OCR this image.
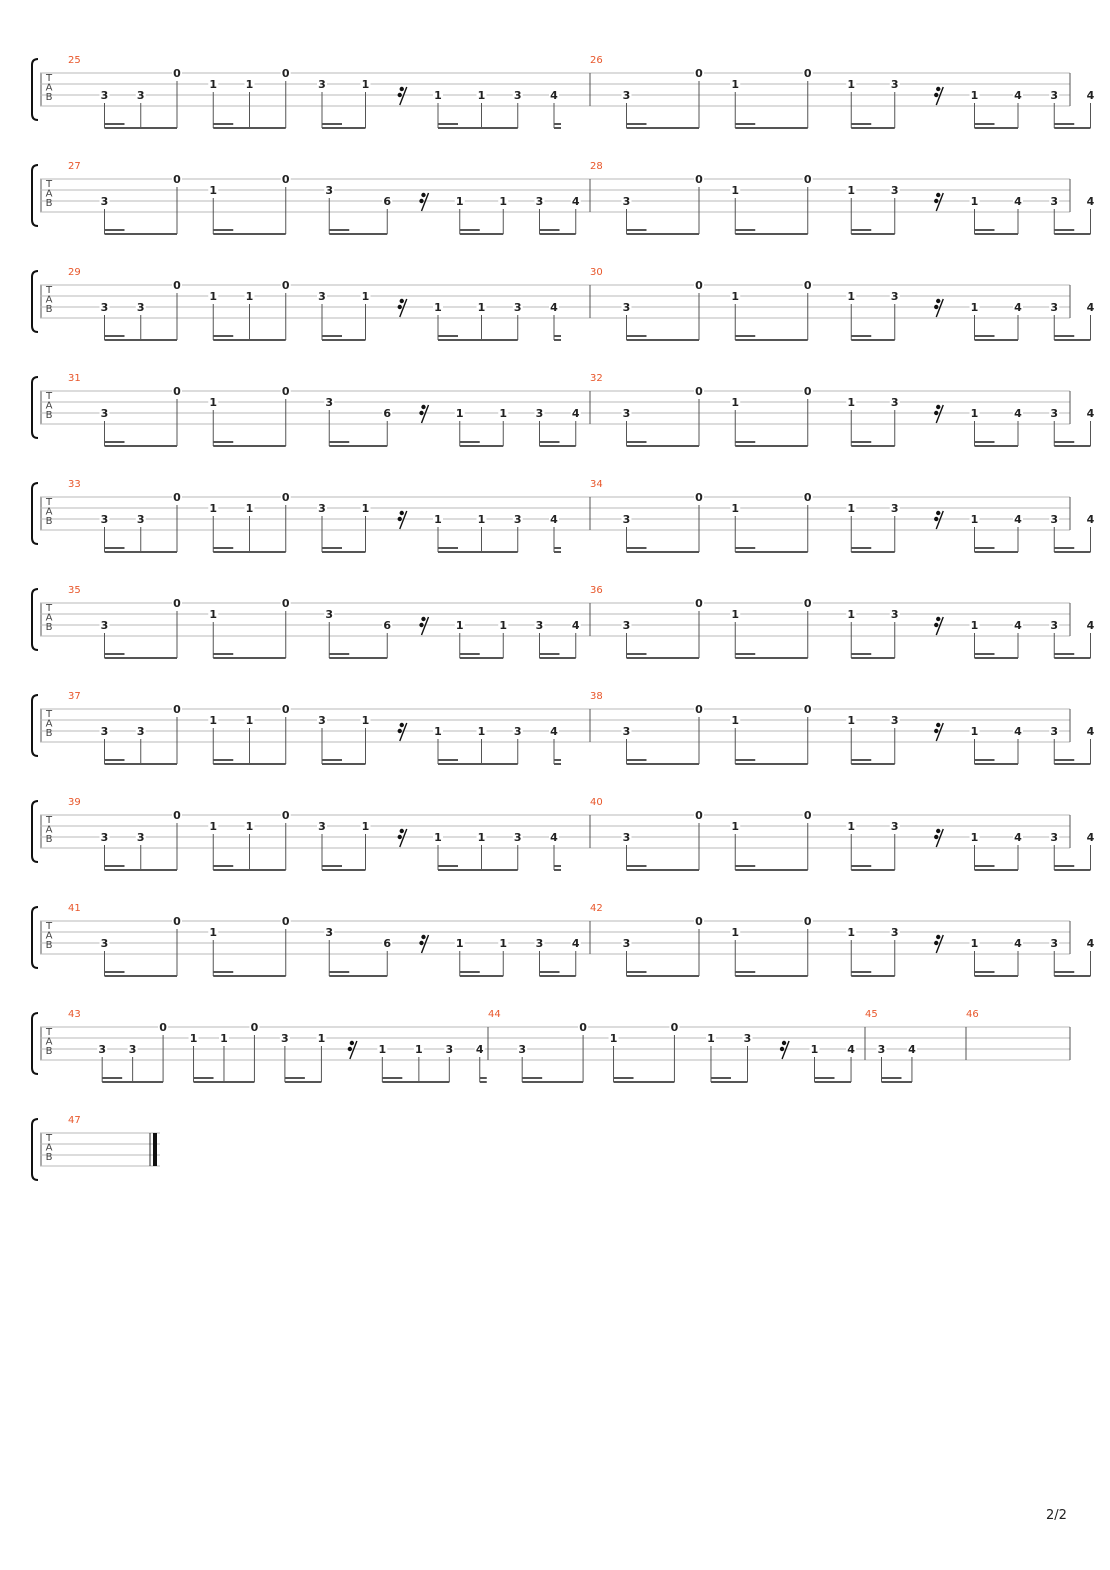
T
A
B
25
3	3
0
1	1
0
3	1
1	1	3	4
26
3
0
1
0
1	3
1	4	3	4
T
A
B
27
3
0
1
0
3
6	1	1	3	4
28
3
0
1
0
1	3
1	4	3	4
T
A
B
29
3	3
0
1	1
0
3	1
1	1	3	4
30
3
0
1
0
1	3
1	4	3	4
T
A
B
31
3
0
1
0
3
6	1	1	3	4
32
3
0
1
0
1	3
1	4	3	4
T
A
B
33
3	3
0
1	1
0
3	1
1	1	3	4
34
3
0
1
0
1	3
1	4	3	4
T
A
B
35
3
0
1
0
3
6	1	1	3	4
36
3
0
1
0
1	3
1	4	3	4
T
A
B
37
3	3
0
1	1
0
3	1
1	1	3	4
38
3
0
1
0
1	3
1	4	3	4
T
A
B
39
3	3
0
1	1
0
3	1
1	1	3	4
40
3
0
1
0
1	3
1	4	3	4
T
A
B
41
3
0
1
0
3
6	1	1	3	4
42
3
0
1
0
1	3
1	4	3	4
T
A
B
43
3 3
0
1 1
0
3	1
1	1 3 4
44
3
0
1
0
1	3
1	4 3 4
45	46
T
A
B
47
2/2
